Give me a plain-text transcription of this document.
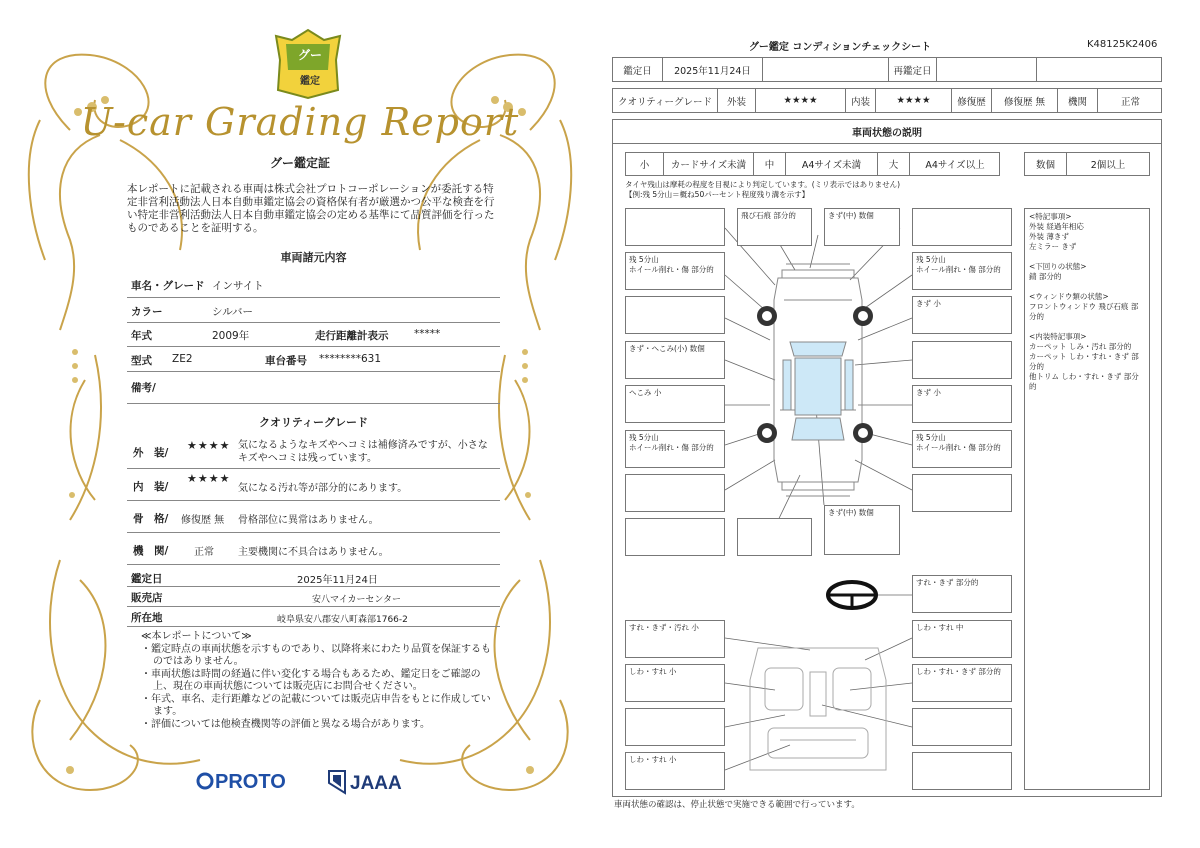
グー
鑑定
U-car Grading Report
グー鑑定証
本レポートに記載される車両は株式会社プロトコーポレーションが委託する特定非営利活動法人日本自動車鑑定協会の資格保有者が厳選かつ公平な検査を行い特定非営利活動法人日本自動車鑑定協会の定める基準にて品質評価を行ったものであることを証明する。
車両諸元内容
車名・グレード インサイト
カラー	シルバー
年式	2009年	走行距離計表示 *****
型式 ZE2	車台番号 ********631
備考/
クオリティーグレード
外　装/
★★★★ 気になるようなキズやヘコミは補修済みですが、小さなキズやヘコミは残っています。
内　装/
★★★★
気になる汚れ等が部分的にあります。
骨　格/ 修復歴 無 骨格部位に異常はありません。
機　関/	正常 主要機関に不具合はありません。
鑑定日	2025年11月24日
販売店	安八マイカーセンター
所在地	岐阜県安八郡安八町森部1766-2
≪本レポートについて≫
・鑑定時点の車両状態を示すものであり、以降将来にわたり品質を保証するものではありません。
・車両状態は時間の経過に伴い変化する場合もあるため、鑑定日をご確認の上、現在の車両状態については販売店にお問合せください。
・年式、車名、走行距離などの記載については販売店申告をもとに作成しています。
・評価については他検査機関等の評価と異なる場合があります。
PROTO	JAAA
グー鑑定 コンディションチェックシート	K48125K2406
鑑定日	2025年11月24日	再鑑定日
クオリティーグレード	外装	★★★★	内装	★★★★	修復歴	修復歴 無	機関	正常
車両状態の説明
小	カードサイズ未満	中	A4サイズ未満	大	A4サイズ以上	数個	2個以上
タイヤ残山は摩耗の程度を目視により判定しています。(ミリ表示ではありません)
【例:残 5分山＝概ね50パーセント程度残り溝を示す】
飛び石痕 部分的	きず(中) 数個
残 5分山
ホイール削れ・傷 部分的
残 5分山
ホイール削れ・傷 部分的
きず 小
きず・へこみ(小) 数個
へこみ 小	きず 小
残 5分山
ホイール削れ・傷 部分的
残 5分山
ホイール削れ・傷 部分的
きず(中) 数個
すれ・きず 部分的
すれ・きず・汚れ 小	しわ・すれ 中
しわ・すれ 小	しわ・すれ・きず 部分的
しわ・すれ 小
<特記事項>
外装 経過年相応
外装 薄きず
左ミラー きず
<下回りの状態>
錆 部分的
<ウィンドウ類の状態>
フロントウィンドウ 飛び石痕 部分的
<内装特記事項>
カーペット しみ・汚れ 部分的
カーペット しわ・すれ・きず 部分的
他トリム しわ・すれ・きず 部分的
車両状態の確認は、停止状態で実施できる範囲で行っています。
